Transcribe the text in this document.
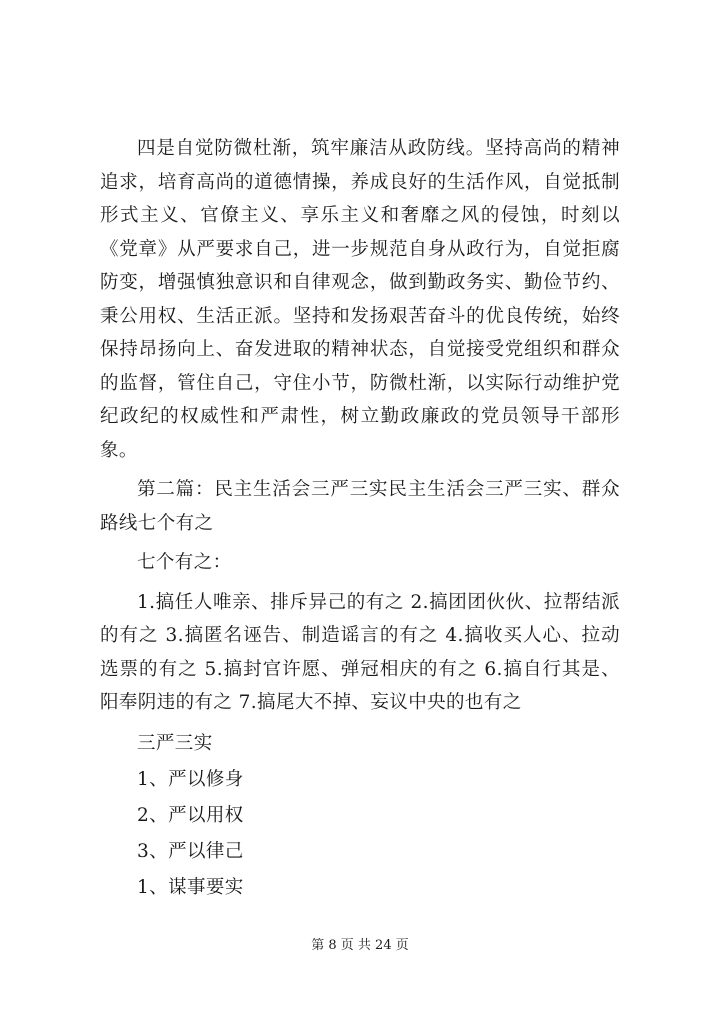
四是自觉防微杜渐，筑牢廉洁从政防线。坚持高尚的精神追求，培育高尚的道德情操，养成良好的生活作风，自觉抵制形式主义、官僚主义、享乐主义和奢靡之风的侵蚀，时刻以《党章》从严要求自己，进一步规范自身从政行为，自觉拒腐防变，增强慎独意识和自律观念，做到勤政务实、勤俭节约、秉公用权、生活正派。坚持和发扬艰苦奋斗的优良传统，始终保持昂扬向上、奋发进取的精神状态，自觉接受党组织和群众的监督，管住自己，守住小节，防微杜渐，以实际行动维护党纪政纪的权威性和严肃性，树立勤政廉政的党员领导干部形象。

第二篇：民主生活会三严三实民主生活会三严三实、群众路线七个有之

七个有之：

1.搞任人唯亲、排斥异己的有之 2.搞团团伙伙、拉帮结派的有之 3.搞匿名诬告、制造谣言的有之 4.搞收买人心、拉动选票的有之 5.搞封官许愿、弹冠相庆的有之 6.搞自行其是、阳奉阴违的有之 7.搞尾大不掉、妄议中央的也有之

三严三实

1、严以修身

2、严以用权

3、严以律己

1、谋事要实

第 8 页 共 24 页
